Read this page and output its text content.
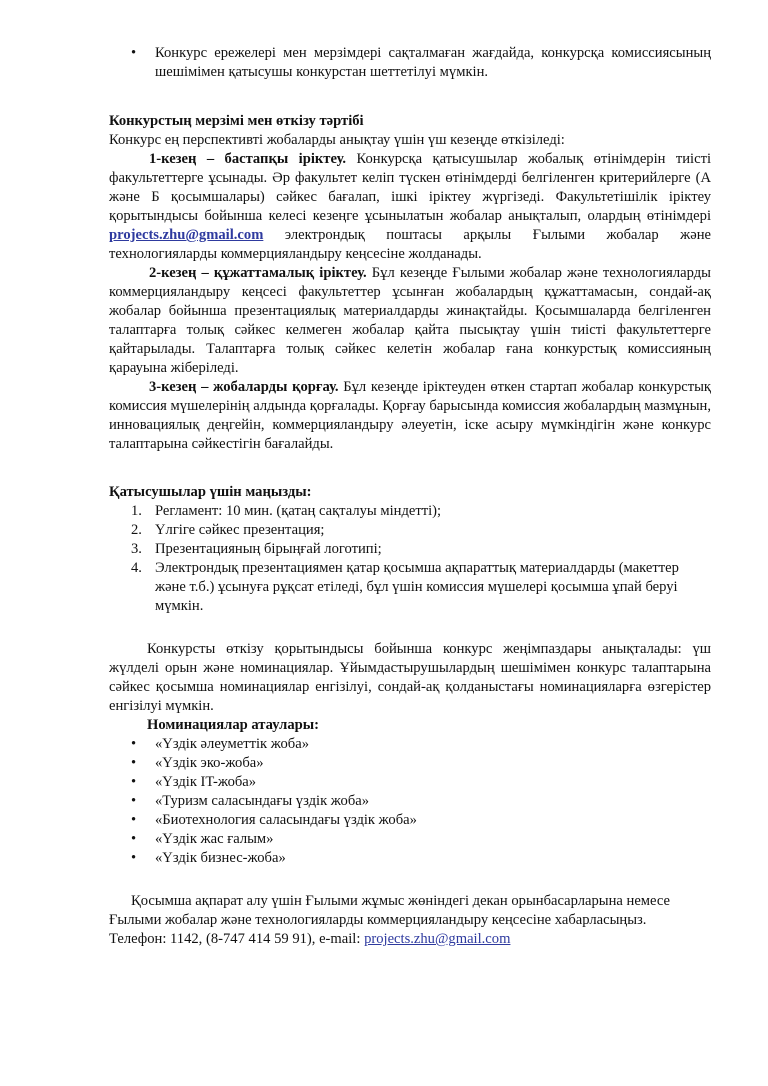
• Конкурс ережелері мен мерзімдері сақталмаған жағдайда, конкурсқа комиссиясының шешімімен қатысушы конкурстан шеттетілуі мүмкін.

Конкурстың мерзімі мен өткізу тәртібі

Конкурс ең перспективті жобаларды анықтау үшін үш кезеңде өткізіледі:

1-кезең – бастапқы іріктеу. Конкурсқа қатысушылар жобалық өтінімдерін тиісті факультеттерге ұсынады. Әр факультет келіп түскен өтінімдерді белгіленген критерийлерге (А және Б қосымшалары) сәйкес бағалап, ішкі іріктеу жүргізеді. Факультетішілік іріктеу қорытындысы бойынша келесі кезеңге ұсынылатын жобалар анықталып, олардың өтінімдері projects.zhu@gmail.com электрондық поштасы арқылы Ғылыми жобалар және технологияларды коммерцияландыру кеңсесіне жолданады.

2-кезең – құжаттамалық іріктеу. Бұл кезеңде Ғылыми жобалар және технологияларды коммерцияландыру кеңсесі факультеттер ұсынған жобалардың құжаттамасын, сондай-ақ жобалар бойынша презентациялық материалдарды жинақтайды. Қосымшаларда белгіленген талаптарға толық сәйкес келмеген жобалар қайта пысықтау үшін тиісті факультеттерге қайтарылады. Талаптарға толық сәйкес келетін жобалар ғана конкурстық комиссияның қарауына жіберіледі.

3-кезең – жобаларды қорғау. Бұл кезеңде іріктеуден өткен стартап жобалар конкурстық комиссия мүшелерінің алдында қорғалады. Қорғау барысында комиссия жобалардың мазмұнын, инновациялық деңгейін, коммерцияландыру әлеуетін, іске асыру мүмкіндігін және конкурс талаптарына сәйкестігін бағалайды.

Қатысушылар үшін маңызды:

1. Регламент: 10 мин. (қатаң сақталуы міндетті);
2. Үлгіге сәйкес презентация;
3. Презентацияның бірыңғай логотипі;
4. Электрондық презентациямен қатар қосымша ақпараттық материалдарды (макеттер және т.б.) ұсынуға рұқсат етіледі, бұл үшін комиссия мүшелері қосымша ұпай беруі мүмкін.

Конкурсты өткізу қорытындысы бойынша конкурс жеңімпаздары анықталады: үш жүлделі орын және номинациялар. Ұйымдастырушылардың шешімімен конкурс талаптарына сәйкес қосымша номинациялар енгізілуі, сондай-ақ қолданыстағы номинацияларға өзгерістер енгізілуі мүмкін.

Номинациялар атаулары:

• «Үздік әлеуметтік жоба»
• «Үздік эко-жоба»
• «Үздік IT-жоба»
• «Туризм саласындағы үздік жоба»
• «Биотехнология саласындағы үздік жоба»
• «Үздік жас ғалым»
• «Үздік бизнес-жоба»

Қосымша ақпарат алу үшін Ғылыми жұмыс жөніндегі декан орынбасарларына немесе Ғылыми жобалар және технологияларды коммерцияландыру кеңсесіне хабарласыңыз.

Телефон: 1142, (8-747 414 59 91), e-mail: projects.zhu@gmail.com
